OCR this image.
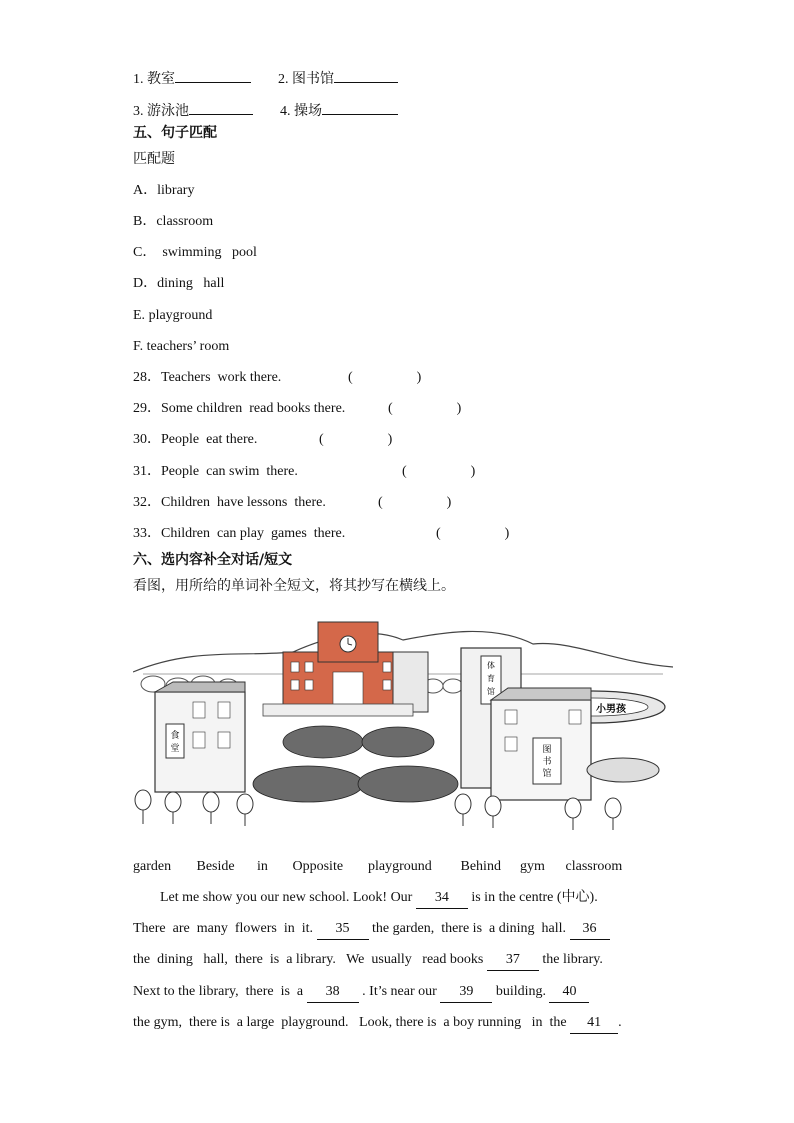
1. 教室	2. 图书馆
3. 游泳池	4. 操场
五、句子匹配
匹配题
A．library
B．classroom
C． swimming   pool
D．dining   hall
E. playground
F. teachers’ room
28．Teachers  work there.	(	)
29．Some children  read books there.	(	)
30．People  eat there.	(	)
31．People  can swim  there.	(	)
32．Children  have lessons  there.	(	)
33．Children  can play  games  there.	(	)
六、选内容补全对话/短文
看图，用所给的单词补全短文，将其抄写在横线上。
食
堂
体
育
馆
小男孩
图
书
馆
garden Beside in Opposite playground Behind gym classroom
Let me show you our new school. Look! Our 34 is in the centre (中心).
There  are  many  flowers  in  it. 35 the garden,  there is  a dining  hall. 36
the  dining   hall,  there  is  a library.   We  usually   read books 37 the library.
Next to the library,  there  is  a 38 . It’s near our 39 building. 40
the gym,  there is  a large  playground.   Look, there is  a boy running   in  the 41 .
